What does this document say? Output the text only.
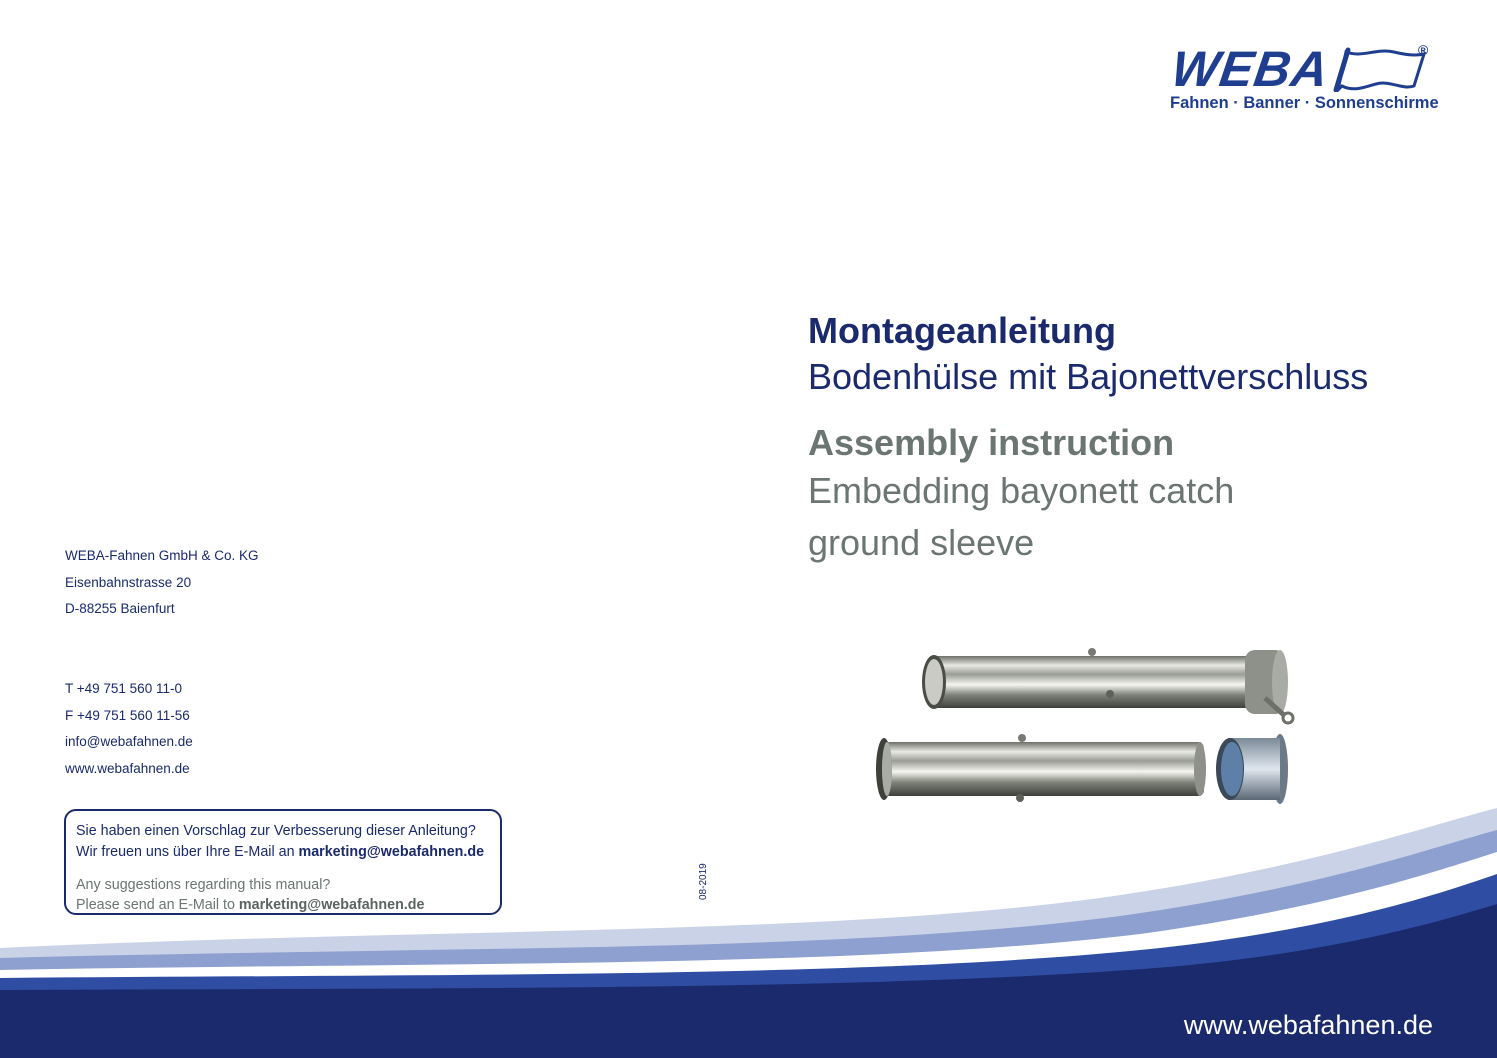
WEBA	®
Fahnen · Banner · Sonnenschirme
Montageanleitung
Bodenhülse mit Bajonettverschluss
Assembly instruction
Embedding bayonett catch
ground sleeve
WEBA-Fahnen GmbH & Co. KG
Eisenbahnstrasse 20
D-88255 Baienfurt
T +49 751 560 11-0
F +49 751 560 11-56
info@webafahnen.de
www.webafahnen.de
Sie haben einen Vorschlag zur Verbesserung dieser Anleitung?
Wir freuen uns über Ihre E-Mail an marketing@webafahnen.de
Any suggestions regarding this manual?
Please send an E-Mail to marketing@webafahnen.de
08-2019
www.webafahnen.de
